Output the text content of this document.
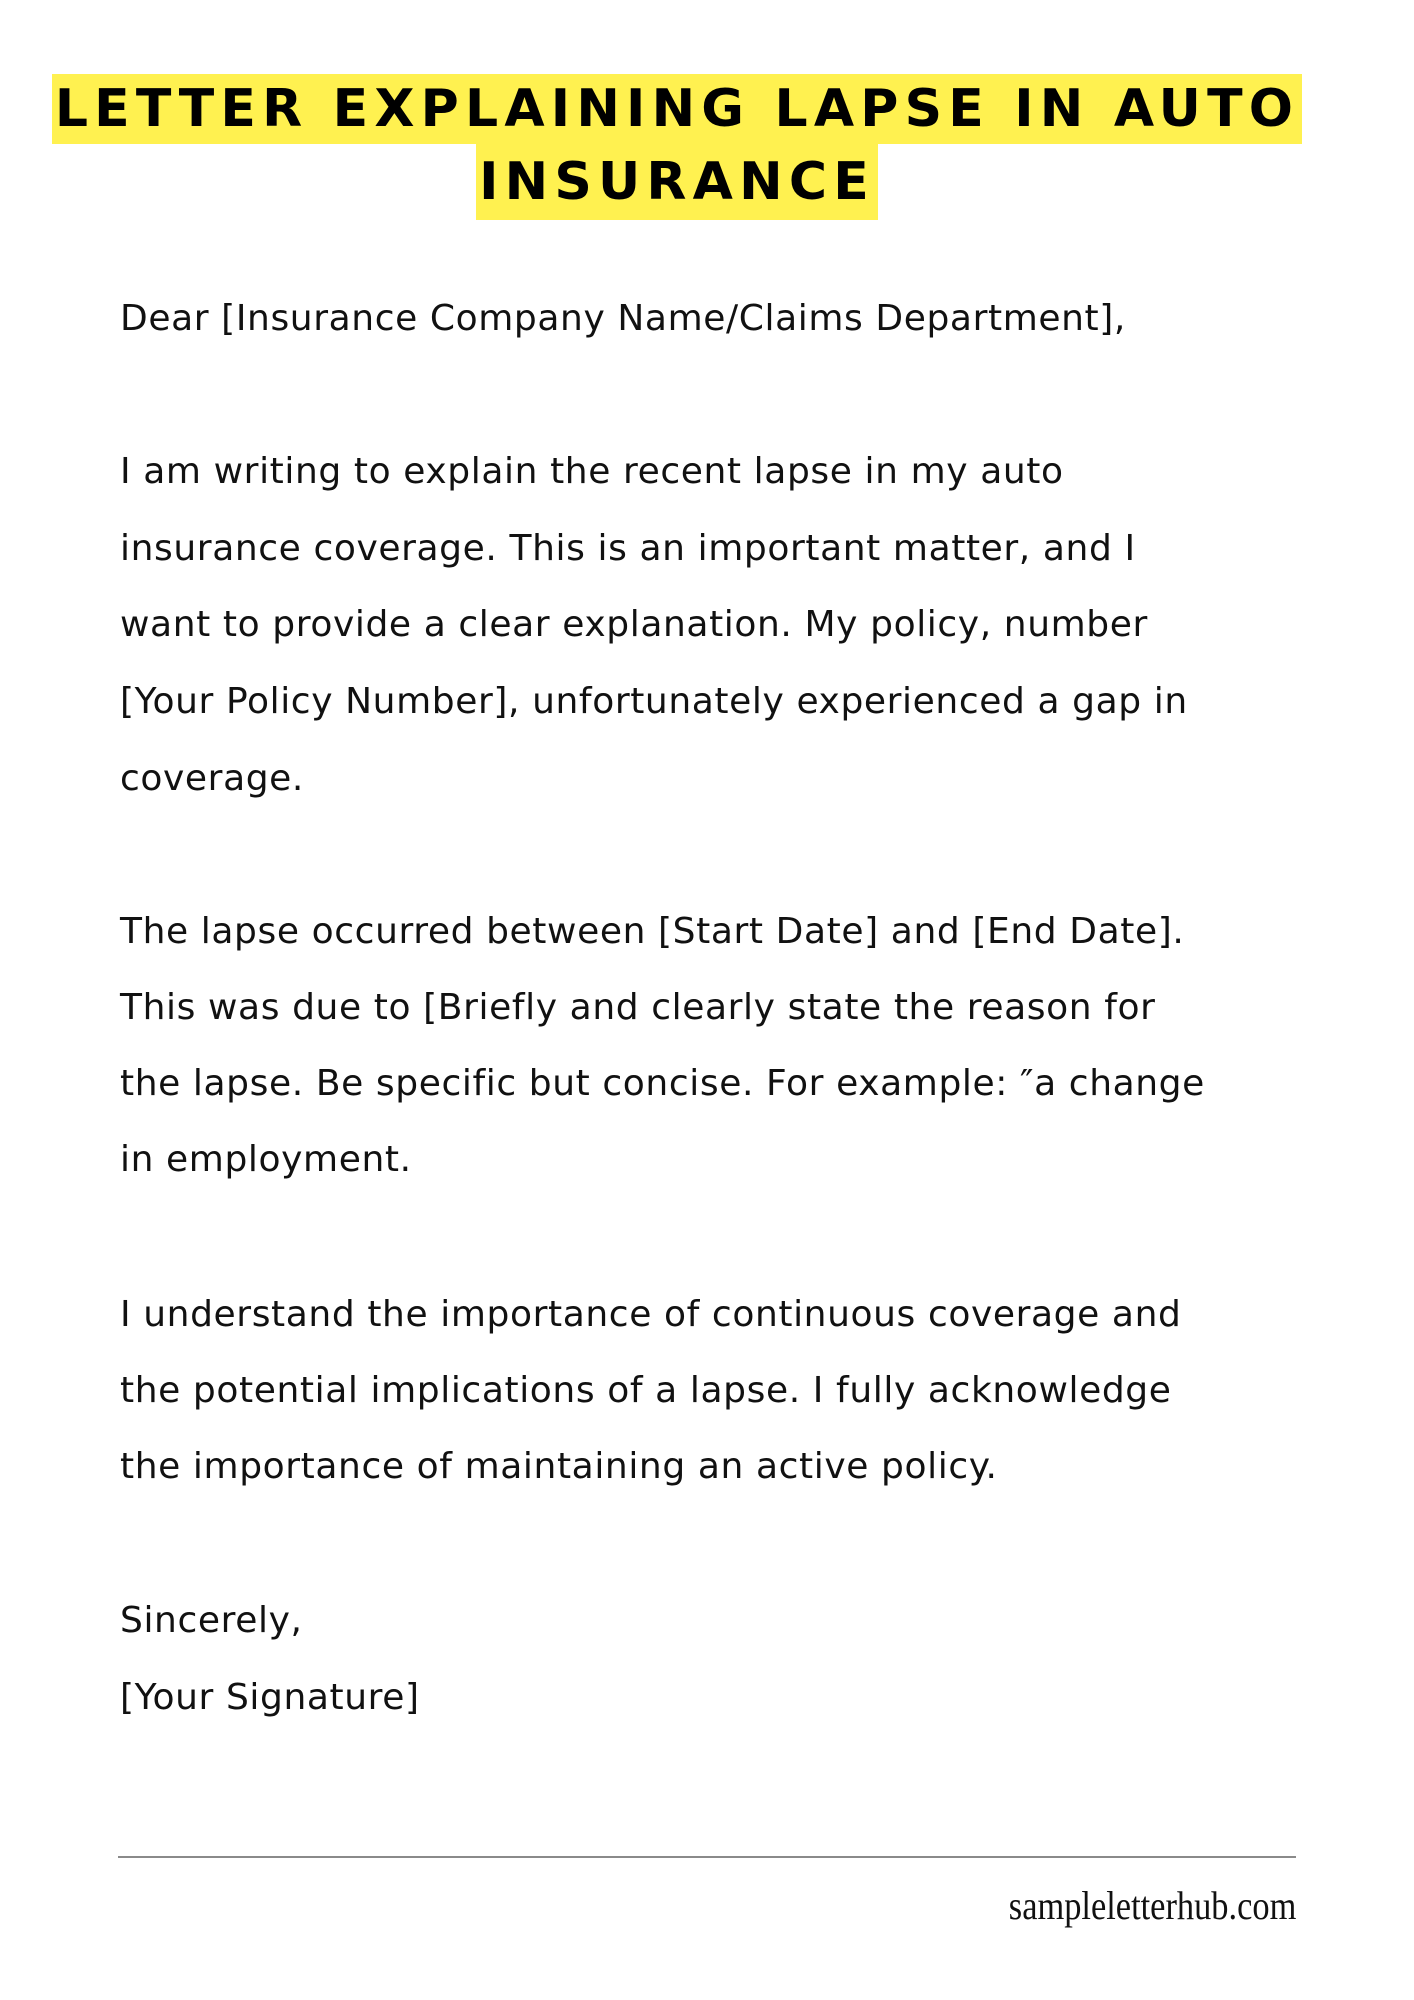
LETTER EXPLAINING LAPSE IN AUTO
INSURANCE
Dear [Insurance Company Name/Claims Department],
I am writing to explain the recent lapse in my auto
insurance coverage. This is an important matter, and I
want to provide a clear explanation. My policy, number
[Your Policy Number], unfortunately experienced a gap in
coverage.
The lapse occurred between [Start Date] and [End Date].
This was due to [Briefly and clearly state the reason for
the lapse. Be specific but concise. For example: ″a change
in employment.
I understand the importance of continuous coverage and
the potential implications of a lapse. I fully acknowledge
the importance of maintaining an active policy.
Sincerely,
[Your Signature]
sampleletterhub.com
